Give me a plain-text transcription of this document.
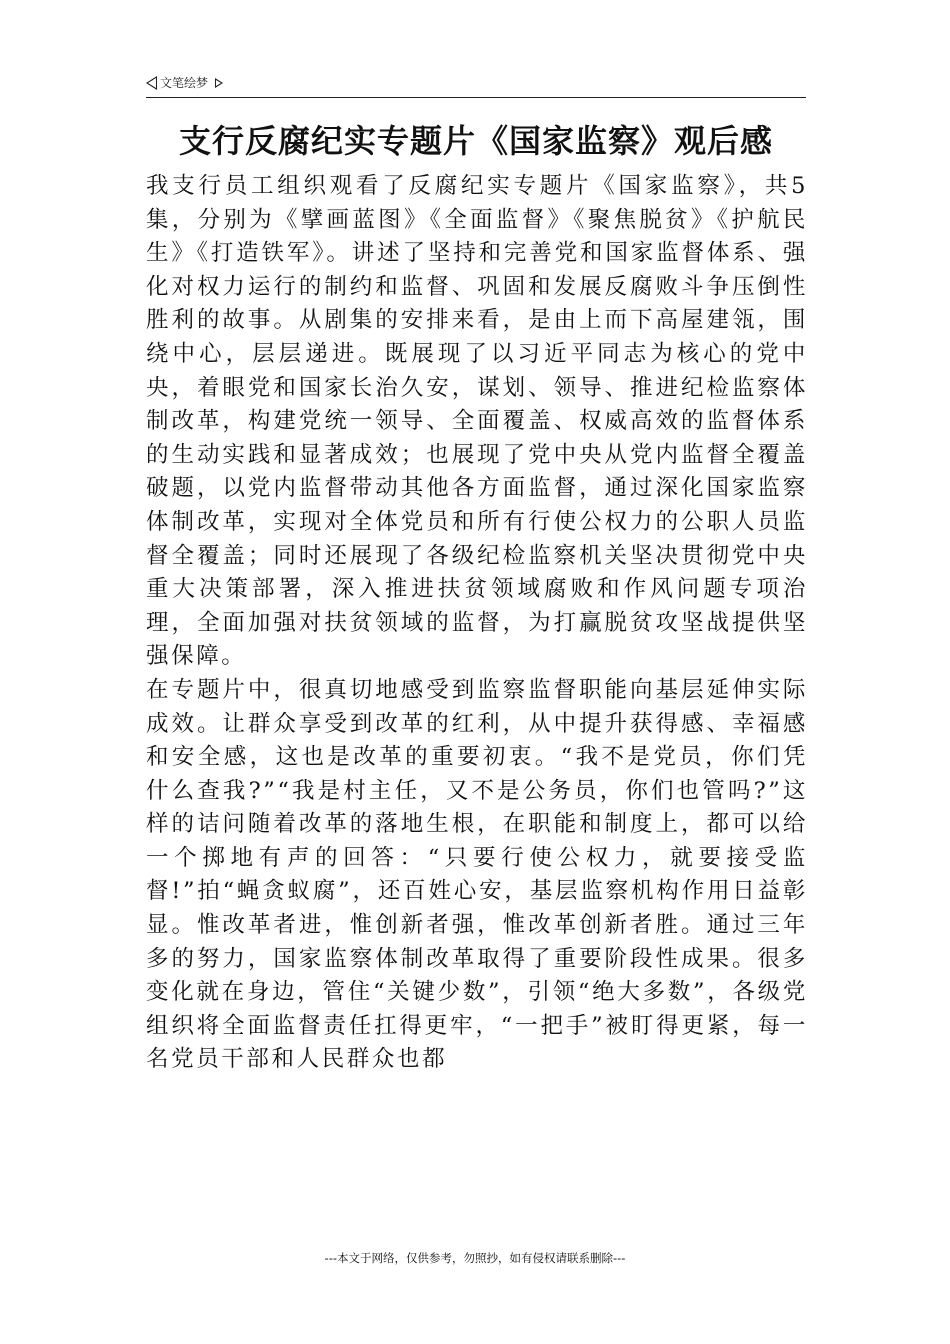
文笔绘梦
支行反腐纪实专题片《国家监察》观后感

我支行员工组织观看了反腐纪实专题片《国家监察》，共5集，分别为《擘画蓝图》《全面监督》《聚焦脱贫》《护航民生》《打造铁军》。讲述了坚持和完善党和国家监督体系、强化对权力运行的制约和监督、巩固和发展反腐败斗争压倒性胜利的故事。从剧集的安排来看，是由上而下高屋建瓴，围绕中心，层层递进。既展现了以习近平同志为核心的党中央，着眼党和国家长治久安，谋划、领导、推进纪检监察体制改革，构建党统一领导、全面覆盖、权威高效的监督体系的生动实践和显著成效；也展现了党中央从党内监督全覆盖破题，以党内监督带动其他各方面监督，通过深化国家监察体制改革，实现对全体党员和所有行使公权力的公职人员监督全覆盖；同时还展现了各级纪检监察机关坚决贯彻党中央重大决策部署，深入推进扶贫领域腐败和作风问题专项治理，全面加强对扶贫领域的监督，为打赢脱贫攻坚战提供坚强保障。

在专题片中，很真切地感受到监察监督职能向基层延伸实际成效。让群众享受到改革的红利，从中提升获得感、幸福感和安全感，这也是改革的重要初衷。“我不是党员，你们凭什么查我?”“我是村主任，又不是公务员，你们也管吗?”这样的诘问随着改革的落地生根，在职能和制度上，都可以给一个掷地有声的回答：“只要行使公权力，就要接受监督!”拍“蝇贪蚁腐”，还百姓心安，基层监察机构作用日益彰显。惟改革者进，惟创新者强，惟改革创新者胜。通过三年多的努力，国家监察体制改革取得了重要阶段性成果。很多变化就在身边，管住“关键少数”，引领“绝大多数”，各级党组织将全面监督责任扛得更牢，“一把手”被盯得更紧，每一名党员干部和人民群众也都

---本文于网络，仅供参考，勿照抄，如有侵权请联系删除---
